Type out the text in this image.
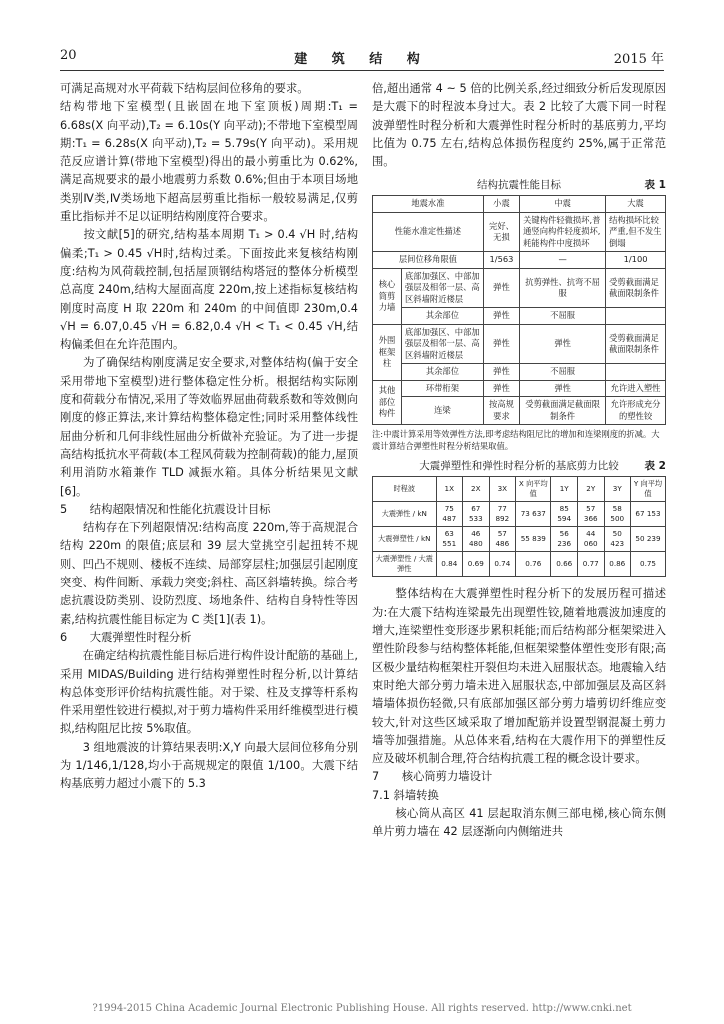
20	建 筑 结 构	2015 年

可满足高规对水平荷载下结构层间位移角的要求。

结构带地下室模型(且嵌固在地下室顶板)周期:T₁ = 6.68s(X 向平动),T₂ = 6.10s(Y 向平动);不带地下室模型周期:T₁ = 6.28s(X 向平动),T₂ = 5.79s(Y 向平动)。采用规范反应谱计算(带地下室模型)得出的最小剪重比为 0.62%,满足高规要求的最小地震剪力系数 0.6%;但由于本项目场地类别Ⅳ类,Ⅳ类场地下超高层剪重比指标一般较易满足,仅剪重比指标并不足以证明结构刚度符合要求。

　　按文献[5]的研究,结构基本周期 T₁ > 0.4 √H 时,结构偏柔;T₁ > 0.45 √H时,结构过柔。下面按此来复核结构刚度:结构为风荷载控制,包括屋顶钢结构塔冠的整体分析模型总高度 240m,结构大屋面高度 220m,按上述指标复核结构刚度时高度 H 取 220m 和 240m 的中间值即 230m,0.4 √H = 6.07,0.45 √H = 6.82,0.4 √H < T₁ < 0.45 √H,结构偏柔但在允许范围内。

　　为了确保结构刚度满足安全要求,对整体结构(偏于安全采用带地下室模型)进行整体稳定性分析。根据结构实际刚度和荷载分布情况,采用了等效临界屈曲荷载系数和等效侧向刚度的修正算法,来计算结构整体稳定性;同时采用整体线性屈曲分析和几何非线性屈曲分析做补充验证。为了进一步提高结构抵抗水平荷载(本工程风荷载为控制荷载)的能力,屋顶利用消防水箱兼作 TLD 减振水箱。具体分析结果见文献[6]。

5　　结构超限情况和性能化抗震设计目标

　　结构存在下列超限情况:结构高度 220m,等于高规混合结构 220m 的限值;底层和 39 层大堂挑空引起扭转不规则、凹凸不规则、楼板不连续、局部穿层柱;加强层引起刚度突变、构件间断、承载力突变;斜柱、高区斜墙转换。综合考虑抗震设防类别、设防烈度、场地条件、结构自身特性等因素,结构抗震性能目标定为 C 类[1](表 1)。

6　　大震弹塑性时程分析

　　在确定结构抗震性能目标后进行构件设计配筋的基础上,采用 MIDAS/Building 进行结构弹塑性时程分析,以计算结构总体变形评价结构抗震性能。对于梁、柱及支撑等杆系构件采用塑性铰进行模拟,对于剪力墙构件采用纤维模型进行模拟,结构阻尼比按 5%取值。

　　3 组地震波的计算结果表明:X,Y 向最大层间位移角分别为 1/146,1/128,均小于高规规定的限值 1/100。大震下结构基底剪力超过小震下的 5.3

倍,超出通常 4 ~ 5 倍的比例关系,经过细致分析后发现原因是大震下的时程波本身过大。表 2 比较了大震下同一时程波弹塑性时程分析和大震弹性时程分析时的基底剪力,平均比值为 0.75 左右,结构总体损伤程度约 25%,属于正常范围。

结构抗震性能目标	表 1
地震水准		小震	中震	大震
性能水准定性描述		完好、无损	关键构件轻微损坏,普通竖向构件轻度损坏,耗能构件中度损坏	结构损坏比较严重,但不发生倒塌
层间位移角限值		1/563	—	1/100
核心筒剪力墙	底部加强区、中部加强层及相邻一层、高区斜墙附近楼层	弹性	抗剪弹性、抗弯不屈服	受剪截面满足截面限制条件
	其余部位	弹性	不屈服	
外围框架柱	底部加强区、中部加强层及相邻一层、高区斜墙附近楼层	弹性	弹性	受剪截面满足截面限制条件
	其余部位	弹性	不屈服	
其他部位构件	环带桁架	弹性	弹性	允许进入塑性
	连梁	按高规要求	受剪截面满足截面限制条件	允许形成充分的塑性铰

注:中震计算采用等效弹性方法,即考虑结构阻尼比的增加和连梁刚度的折减。大震计算结合弹塑性时程分析结果取值。

大震弹塑性和弹性时程分析的基底剪力比较 表 2
时程波	1X	2X	3X	X 向平均值	1Y	2Y	3Y	Y 向平均值
大震弹性 / kN	75 487	67 533	77 892	73 637	85 594	57 366	58 500	67 153
大震弹塑性 / kN	63 551	46 480	57 486	55 839	56 236	44 060	50 423	50 239
大震弹塑性 / 大震弹性	0.84	0.69	0.74	0.76	0.66	0.77	0.86	0.75

　　整体结构在大震弹塑性时程分析下的发展历程可描述为:在大震下结构连梁最先出现塑性铰,随着地震波加速度的增大,连梁塑性变形逐步累积耗能;而后结构部分框架梁进入塑性阶段参与结构整体耗能,但框架梁整体塑性变形有限;高区极少量结构框架柱开裂但均未进入屈服状态。地震输入结束时绝大部分剪力墙未进入屈服状态,中部加强层及高区斜墙墙体损伤轻微,只有底部加强区部分剪力墙剪切纤维应变较大,针对这些区域采取了增加配筋并设置型钢混凝土剪力墙等加强措施。从总体来看,结构在大震作用下的弹塑性反应及破坏机制合理,符合结构抗震工程的概念设计要求。

7　　核心筒剪力墙设计

7.1 斜墙转换

　　核心筒从高区 41 层起取消东侧三部电梯,核心筒东侧单片剪力墙在 42 层逐渐向内侧缩进共

?1994-2015 China Academic Journal Electronic Publishing House. All rights reserved. http://www.cnki.net
